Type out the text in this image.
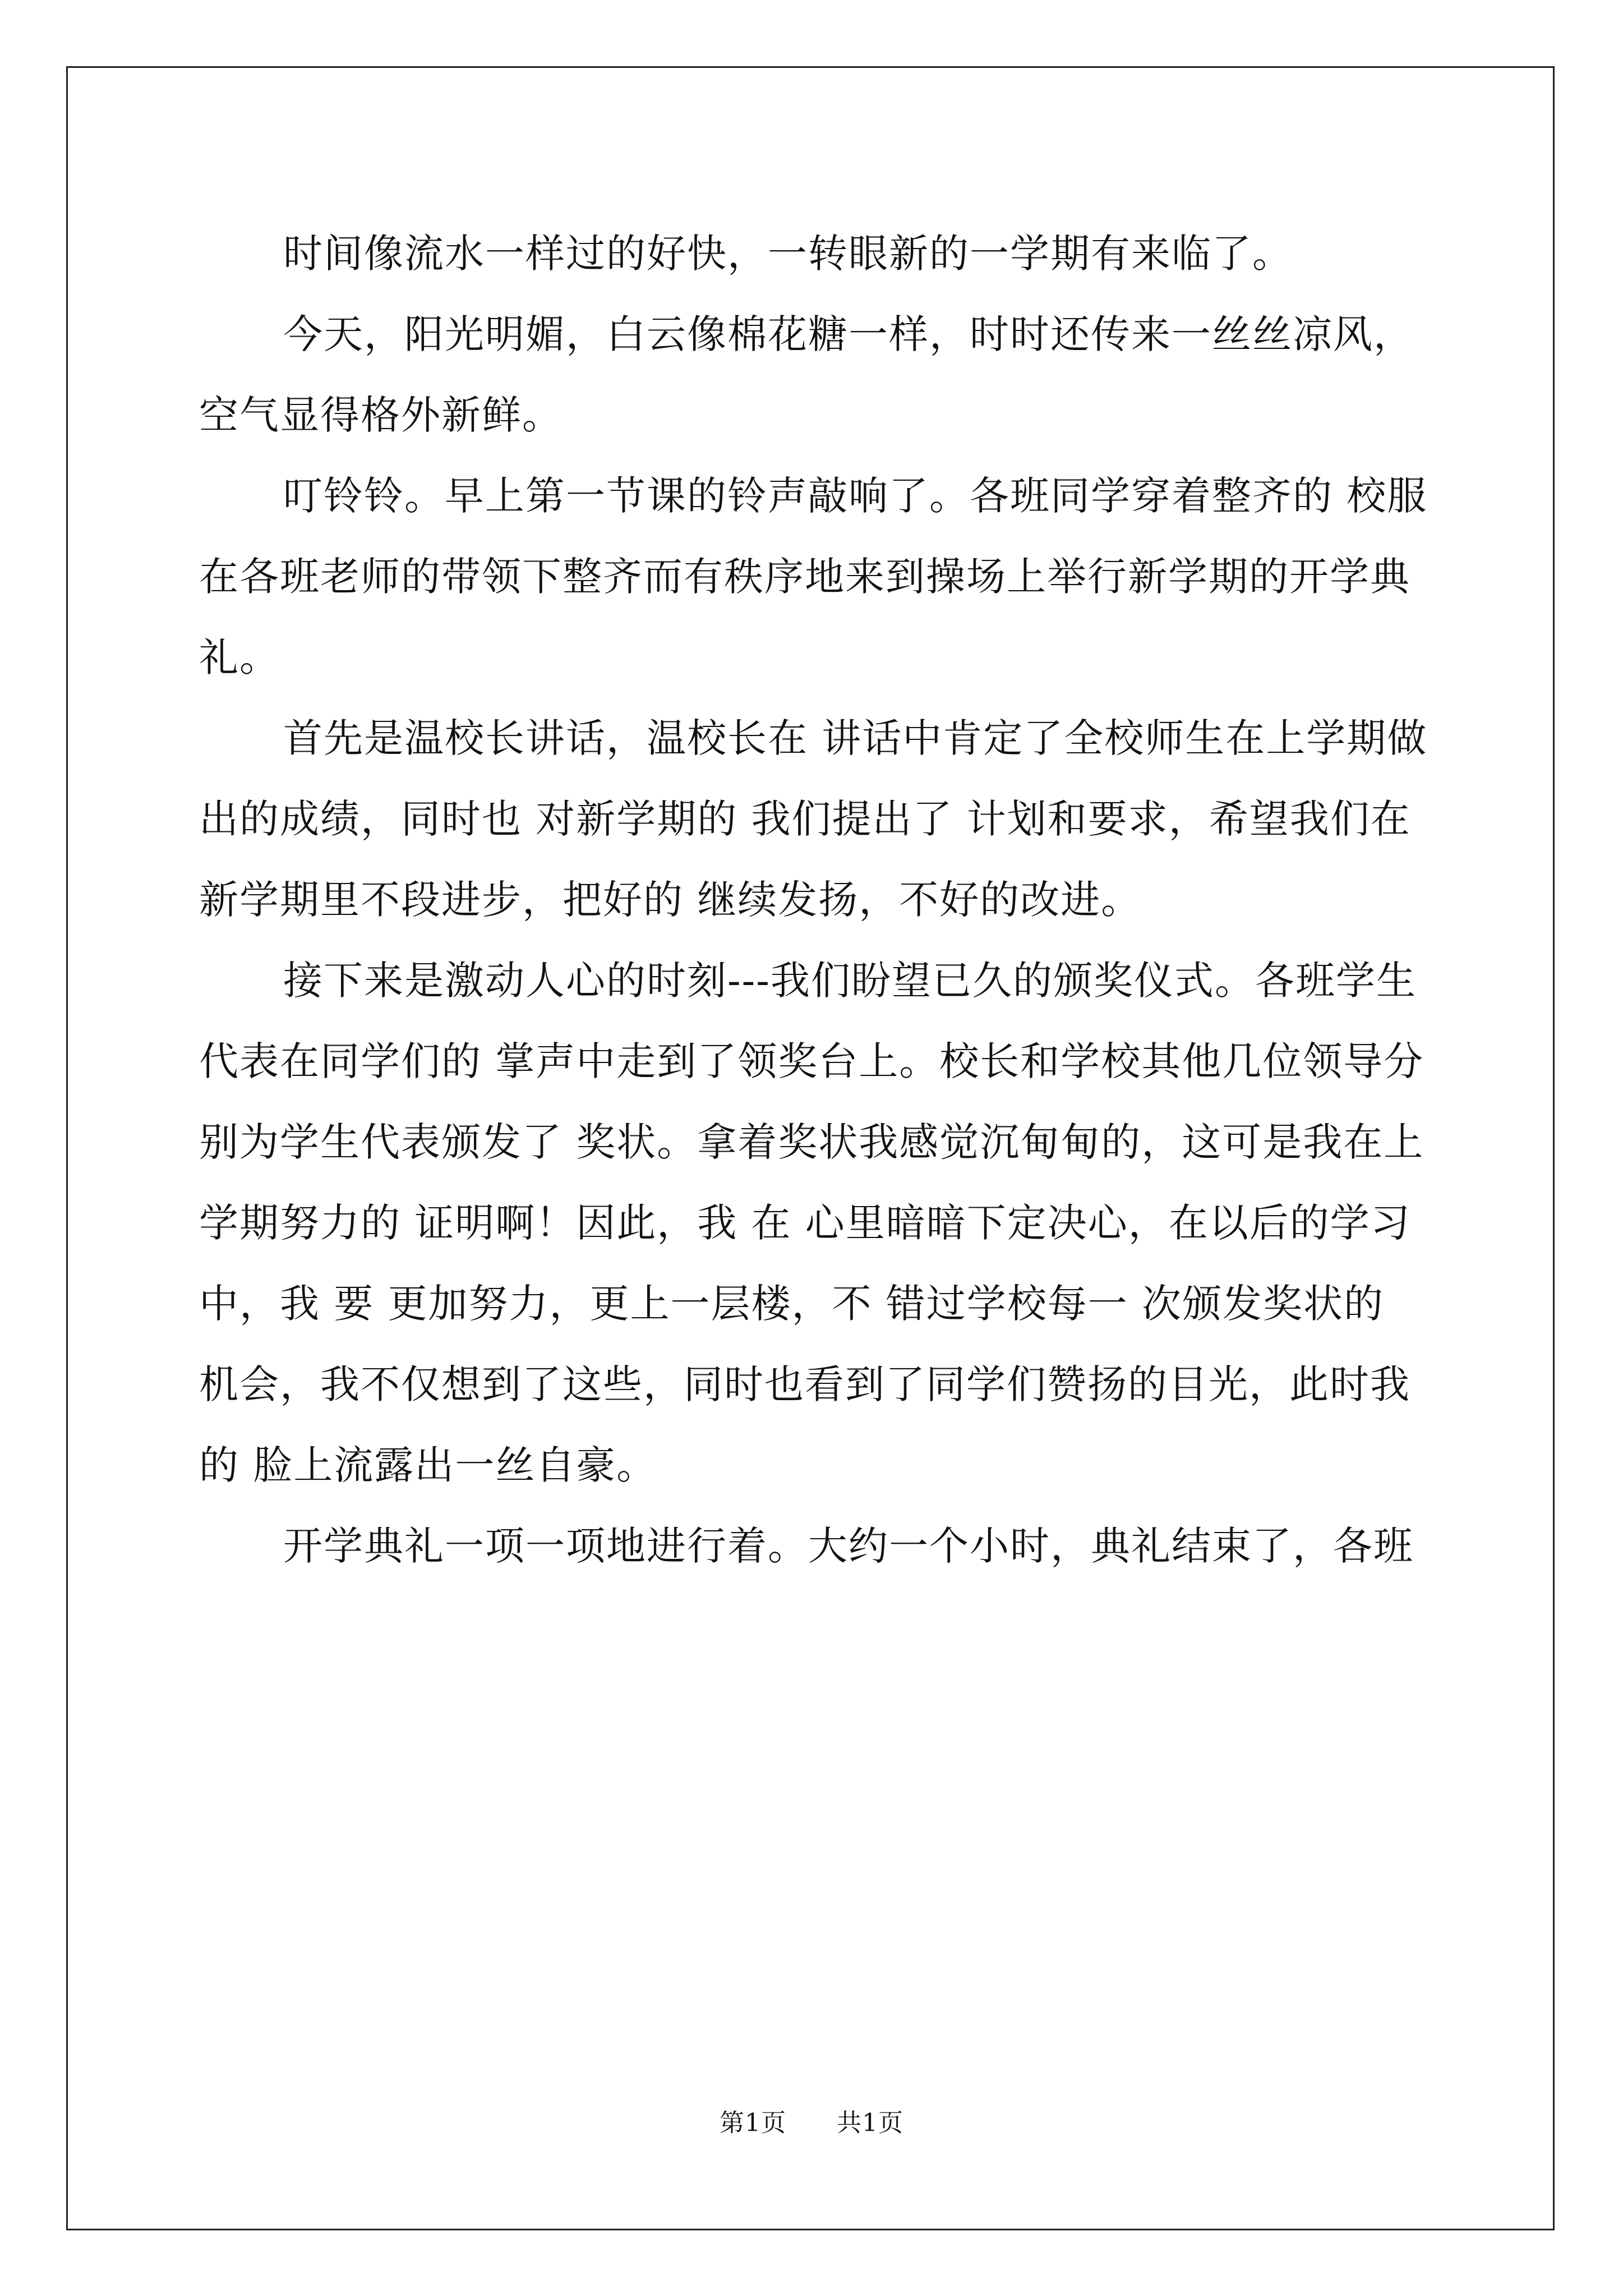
时间像流水一样过的好快，一转眼新的一学期有来临了。

今天，阳光明媚，白云像棉花糖一样，时时还传来一丝丝凉风，空气显得格外新鲜。

叮铃铃。早上第一节课的铃声敲响了。各班同学穿着整齐的 校服在各班老师的带领下整齐而有秩序地来到操场上举行新学期的开学典礼。

首先是温校长讲话，温校长在 讲话中肯定了全校师生在上学期做出的成绩，同时也 对新学期的 我们提出了 计划和要求，希望我们在新学期里不段进步，把好的 继续发扬，不好的改进。

接下来是激动人心的时刻---我们盼望已久的颁奖仪式。各班学生代表在同学们的 掌声中走到了领奖台上。校长和学校其他几位领导分别为学生代表颁发了 奖状。拿着奖状我感觉沉甸甸的，这可是我在上学期努力的 证明啊！因此，我 在 心里暗暗下定决心，在以后的学习中，我 要 更加努力，更上一层楼，不 错过学校每一 次颁发奖状的 机会，我不仅想到了这些，同时也看到了同学们赞扬的目光，此时我 的 脸上流露出一丝自豪。

开学典礼一项一项地进行着。大约一个小时，典礼结束了，各班

第1页 共1页
